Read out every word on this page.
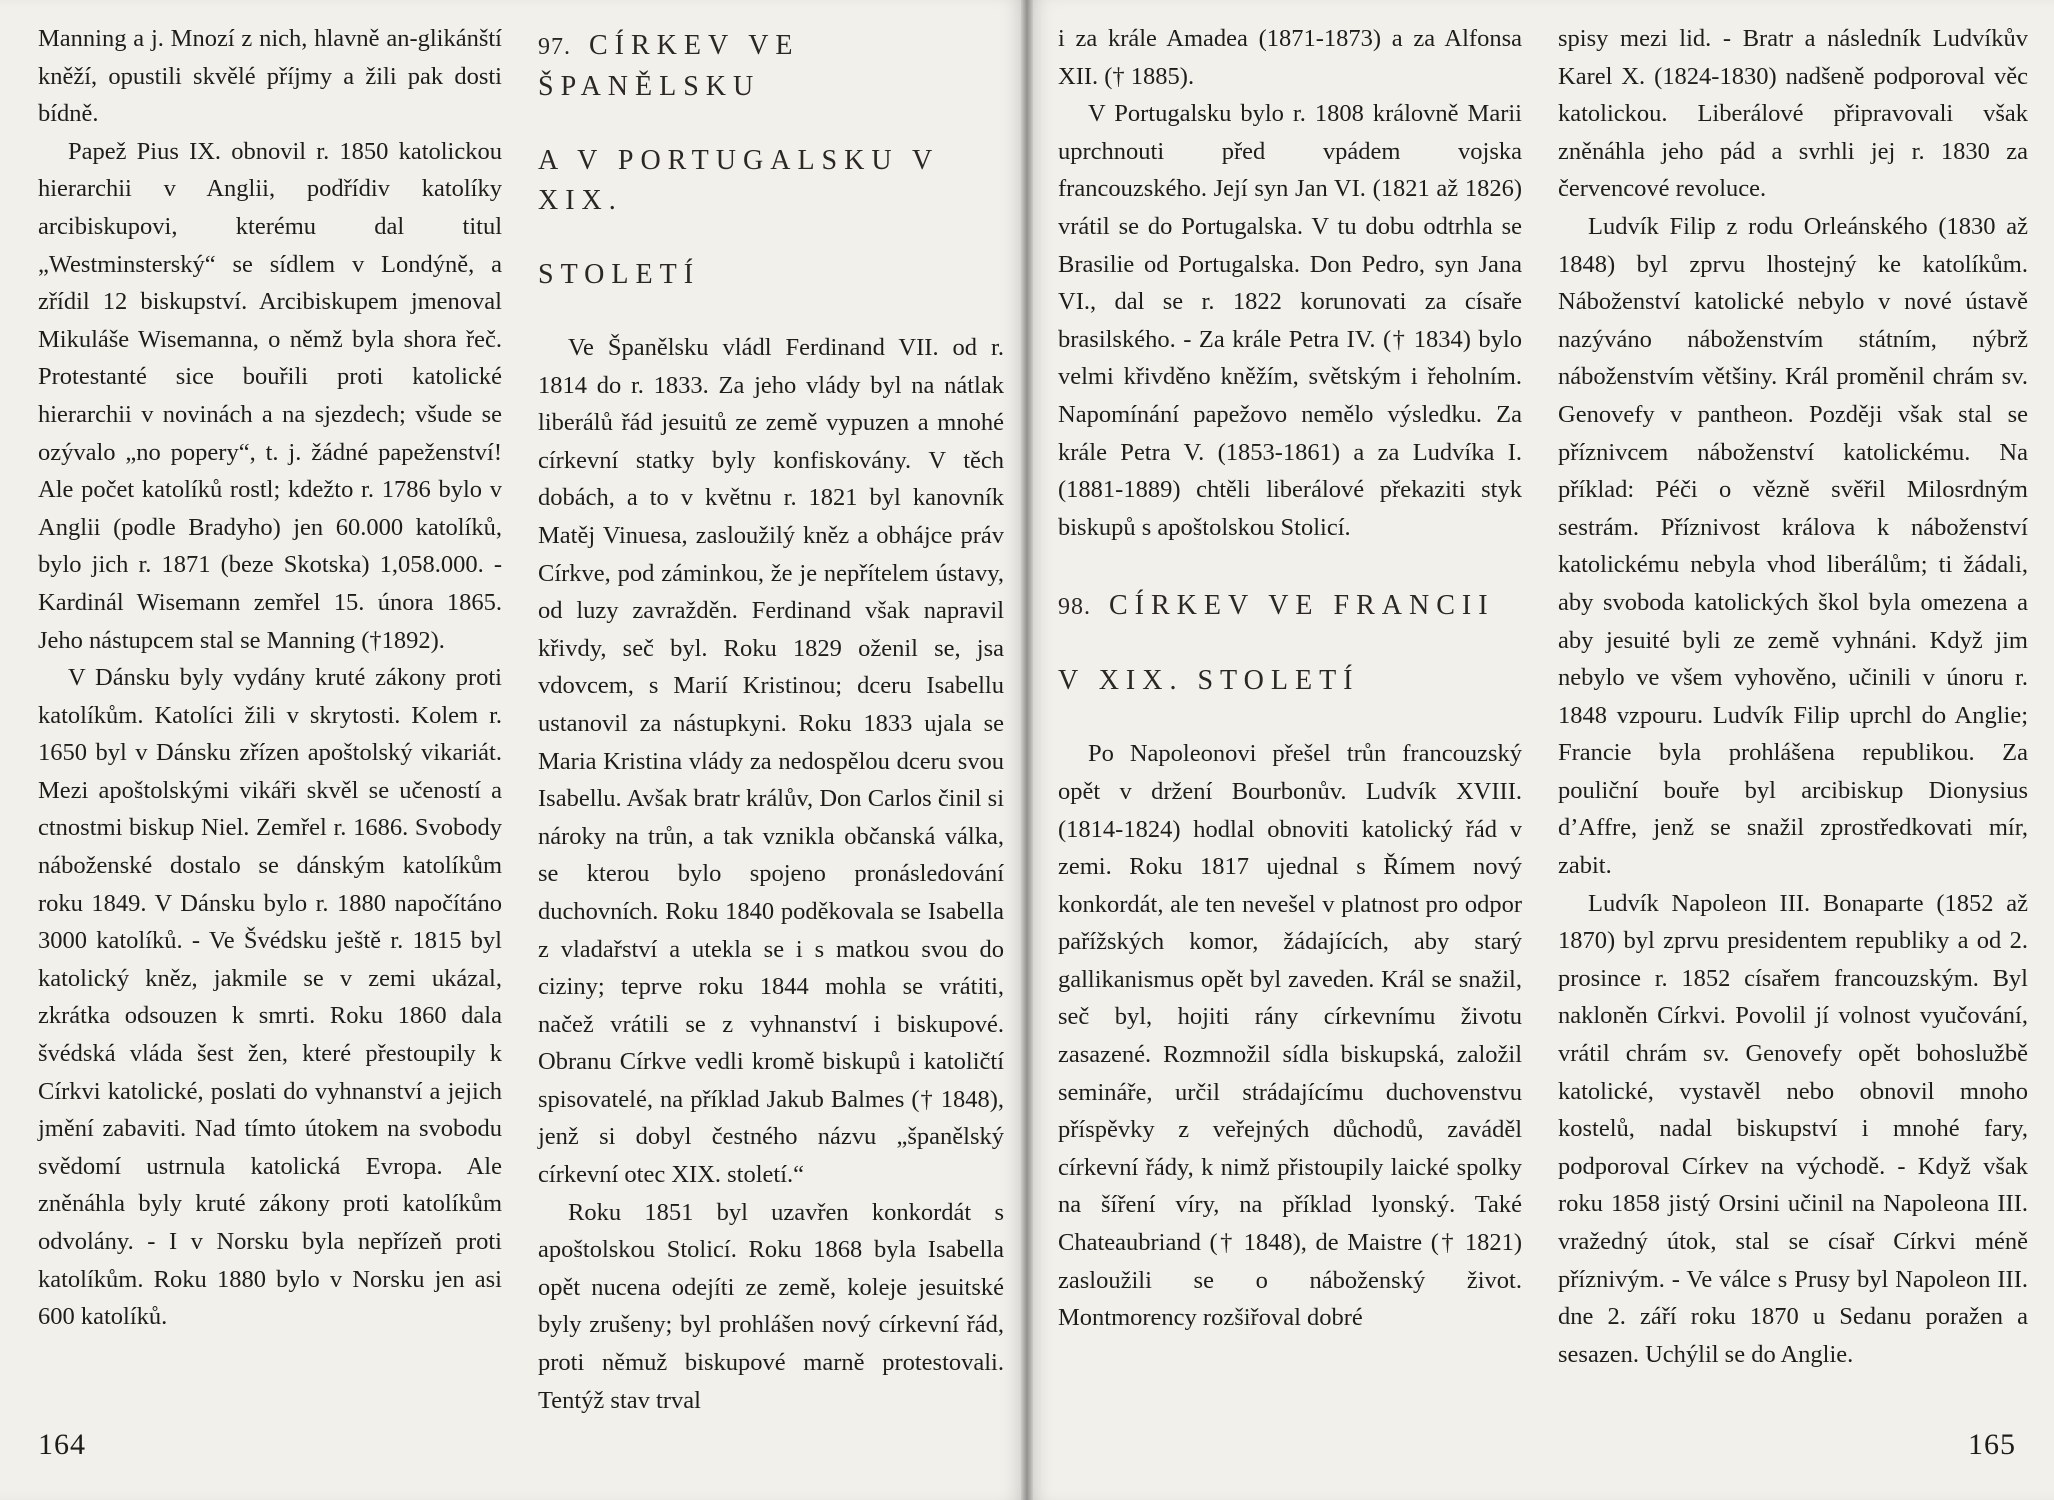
Manning a j. Mnozí z nich, hlavně an-glikánští kněží, opustili skvělé příjmy a žili pak dosti bídně.

Papež Pius IX. obnovil r. 1850 katolickou hierarchii v Anglii, podřídiv katolíky arcibiskupovi, kterému dal titul „Westminsterský“ se sídlem v Londýně, a zřídil 12 biskupství. Arcibiskupem jmenoval Mikuláše Wisemanna, o němž byla shora řeč. Protestanté sice bouřili proti katolické hierarchii v novinách a na sjezdech; všude se ozývalo „no popery“, t. j. žádné papeženství! Ale počet katolíků rostl; kdežto r. 1786 bylo v Anglii (podle Bradyho) jen 60.000 katolíků, bylo jich r. 1871 (beze Skotska) 1,058.000. - Kardinál Wisemann zemřel 15. února 1865. Jeho nástupcem stal se Manning (†1892).

V Dánsku byly vydány kruté zákony proti katolíkům. Katolíci žili v skrytosti. Kolem r. 1650 byl v Dánsku zřízen apoštolský vikariát. Mezi apoštolskými vikáři skvěl se učeností a ctnostmi biskup Niel. Zemřel r. 1686. Svobody náboženské dostalo se dánským katolíkům roku 1849. V Dánsku bylo r. 1880 napočítáno 3000 katolíků. - Ve Švédsku ještě r. 1815 byl katolický kněz, jakmile se v zemi ukázal, zkrátka odsouzen k smrti. Roku 1860 dala švédská vláda šest žen, které přestoupily k Církvi katolické, poslati do vyhnanství a jejich jmění zabaviti. Nad tímto útokem na svobodu svědomí ustrnula katolická Evropa. Ale zněnáhla byly kruté zákony proti katolíkům odvolány. - I v Norsku byla nepřízeň proti katolíkům. Roku 1880 bylo v Norsku jen asi 600 katolíků.

97. CÍRKEV VE ŠPANĚLSKU
A V PORTUGALSKU V XIX.
STOLETÍ

Ve Španělsku vládl Ferdinand VII. od r. 1814 do r. 1833. Za jeho vlády byl na nátlak liberálů řád jesuitů ze země vypuzen a mnohé církevní statky byly konfiskovány. V těch dobách, a to v květnu r. 1821 byl kanovník Matěj Vinuesa, zasloužilý kněz a obhájce práv Církve, pod záminkou, že je nepřítelem ústavy, od luzy zavražděn. Ferdinand však napravil křivdy, seč byl. Roku 1829 oženil se, jsa vdovcem, s Marií Kristinou; dceru Isabellu ustanovil za nástupkyni. Roku 1833 ujala se Maria Kristina vlády za nedospělou dceru svou Isabellu. Avšak bratr králův, Don Carlos činil si nároky na trůn, a tak vznikla občanská válka, se kterou bylo spojeno pronásledování duchovních. Roku 1840 poděkovala se Isabella z vladařství a utekla se i s matkou svou do ciziny; teprve roku 1844 mohla se vrátiti, načež vrátili se z vyhnanství i biskupové. Obranu Církve vedli kromě biskupů i katoličtí spisovatelé, na příklad Jakub Balmes († 1848), jenž si dobyl čestného názvu „španělský církevní otec XIX. století.“

Roku 1851 byl uzavřen konkordát s apoštolskou Stolicí. Roku 1868 byla Isabella opět nucena odejíti ze země, koleje jesuitské byly zrušeny; byl prohlášen nový církevní řád, proti němuž biskupové marně protestovali. Tentýž stav trval

i za krále Amadea (1871-1873) a za Alfonsa XII. († 1885).

V Portugalsku bylo r. 1808 královně Marii uprchnouti před vpádem vojska francouzského. Její syn Jan VI. (1821 až 1826) vrátil se do Portugalska. V tu dobu odtrhla se Brasilie od Portugalska. Don Pedro, syn Jana VI., dal se r. 1822 korunovati za císaře brasilského. - Za krále Petra IV. († 1834) bylo velmi křivděno kněžím, světským i řeholním. Napomínání papežovo nemělo výsledku. Za krále Petra V. (1853-1861) a za Ludvíka I. (1881-1889) chtěli liberálové překaziti styk biskupů s apoštolskou Stolicí.

98. CÍRKEV VE FRANCII
V XIX. STOLETÍ

Po Napoleonovi přešel trůn francouzský opět v držení Bourbonův. Ludvík XVIII. (1814-1824) hodlal obnoviti katolický řád v zemi. Roku 1817 ujednal s Římem nový konkordát, ale ten nevešel v platnost pro odpor pařížských komor, žádajících, aby starý gallikanismus opět byl zaveden. Král se snažil, seč byl, hojiti rány církevnímu životu zasazené. Rozmnožil sídla biskupská, založil semináře, určil strádajícímu duchovenstvu příspěvky z veřejných důchodů, zaváděl církevní řády, k nimž přistoupily laické spolky na šíření víry, na příklad lyonský. Také Chateaubriand († 1848), de Maistre († 1821) zasloužili se o náboženský život. Montmorency rozšiřoval dobré

spisy mezi lid. - Bratr a následník Ludvíkův Karel X. (1824-1830) nadšeně podporoval věc katolickou. Liberálové připravovali však zněnáhla jeho pád a svrhli jej r. 1830 za červencové revoluce.

Ludvík Filip z rodu Orleánského (1830 až 1848) byl zprvu lhostejný ke katolíkům. Náboženství katolické nebylo v nové ústavě nazýváno náboženstvím státním, nýbrž náboženstvím většiny. Král proměnil chrám sv. Genovefy v pantheon. Později však stal se příznivcem náboženství katolickému. Na příklad: Péči o vězně svěřil Milosrdným sestrám. Příznivost králova k náboženství katolickému nebyla vhod liberálům; ti žádali, aby svoboda katolických škol byla omezena a aby jesuité byli ze země vyhnáni. Když jim nebylo ve všem vyhověno, učinili v únoru r. 1848 vzpouru. Ludvík Filip uprchl do Anglie; Francie byla prohlášena republikou. Za pouliční bouře byl arcibiskup Dionysius d’Affre, jenž se snažil zprostředkovati mír, zabit.

Ludvík Napoleon III. Bonaparte (1852 až 1870) byl zprvu presidentem republiky a od 2. prosince r. 1852 císařem francouzským. Byl nakloněn Církvi. Povolil jí volnost vyučování, vrátil chrám sv. Genovefy opět bohoslužbě katolické, vystavěl nebo obnovil mnoho kostelů, nadal biskupství i mnohé fary, podporoval Církev na východě. - Když však roku 1858 jistý Orsini učinil na Napoleona III. vražedný útok, stal se císař Církvi méně příznivým. - Ve válce s Prusy byl Napoleon III. dne 2. září roku 1870 u Sedanu poražen a sesazen. Uchýlil se do Anglie.

164	165
